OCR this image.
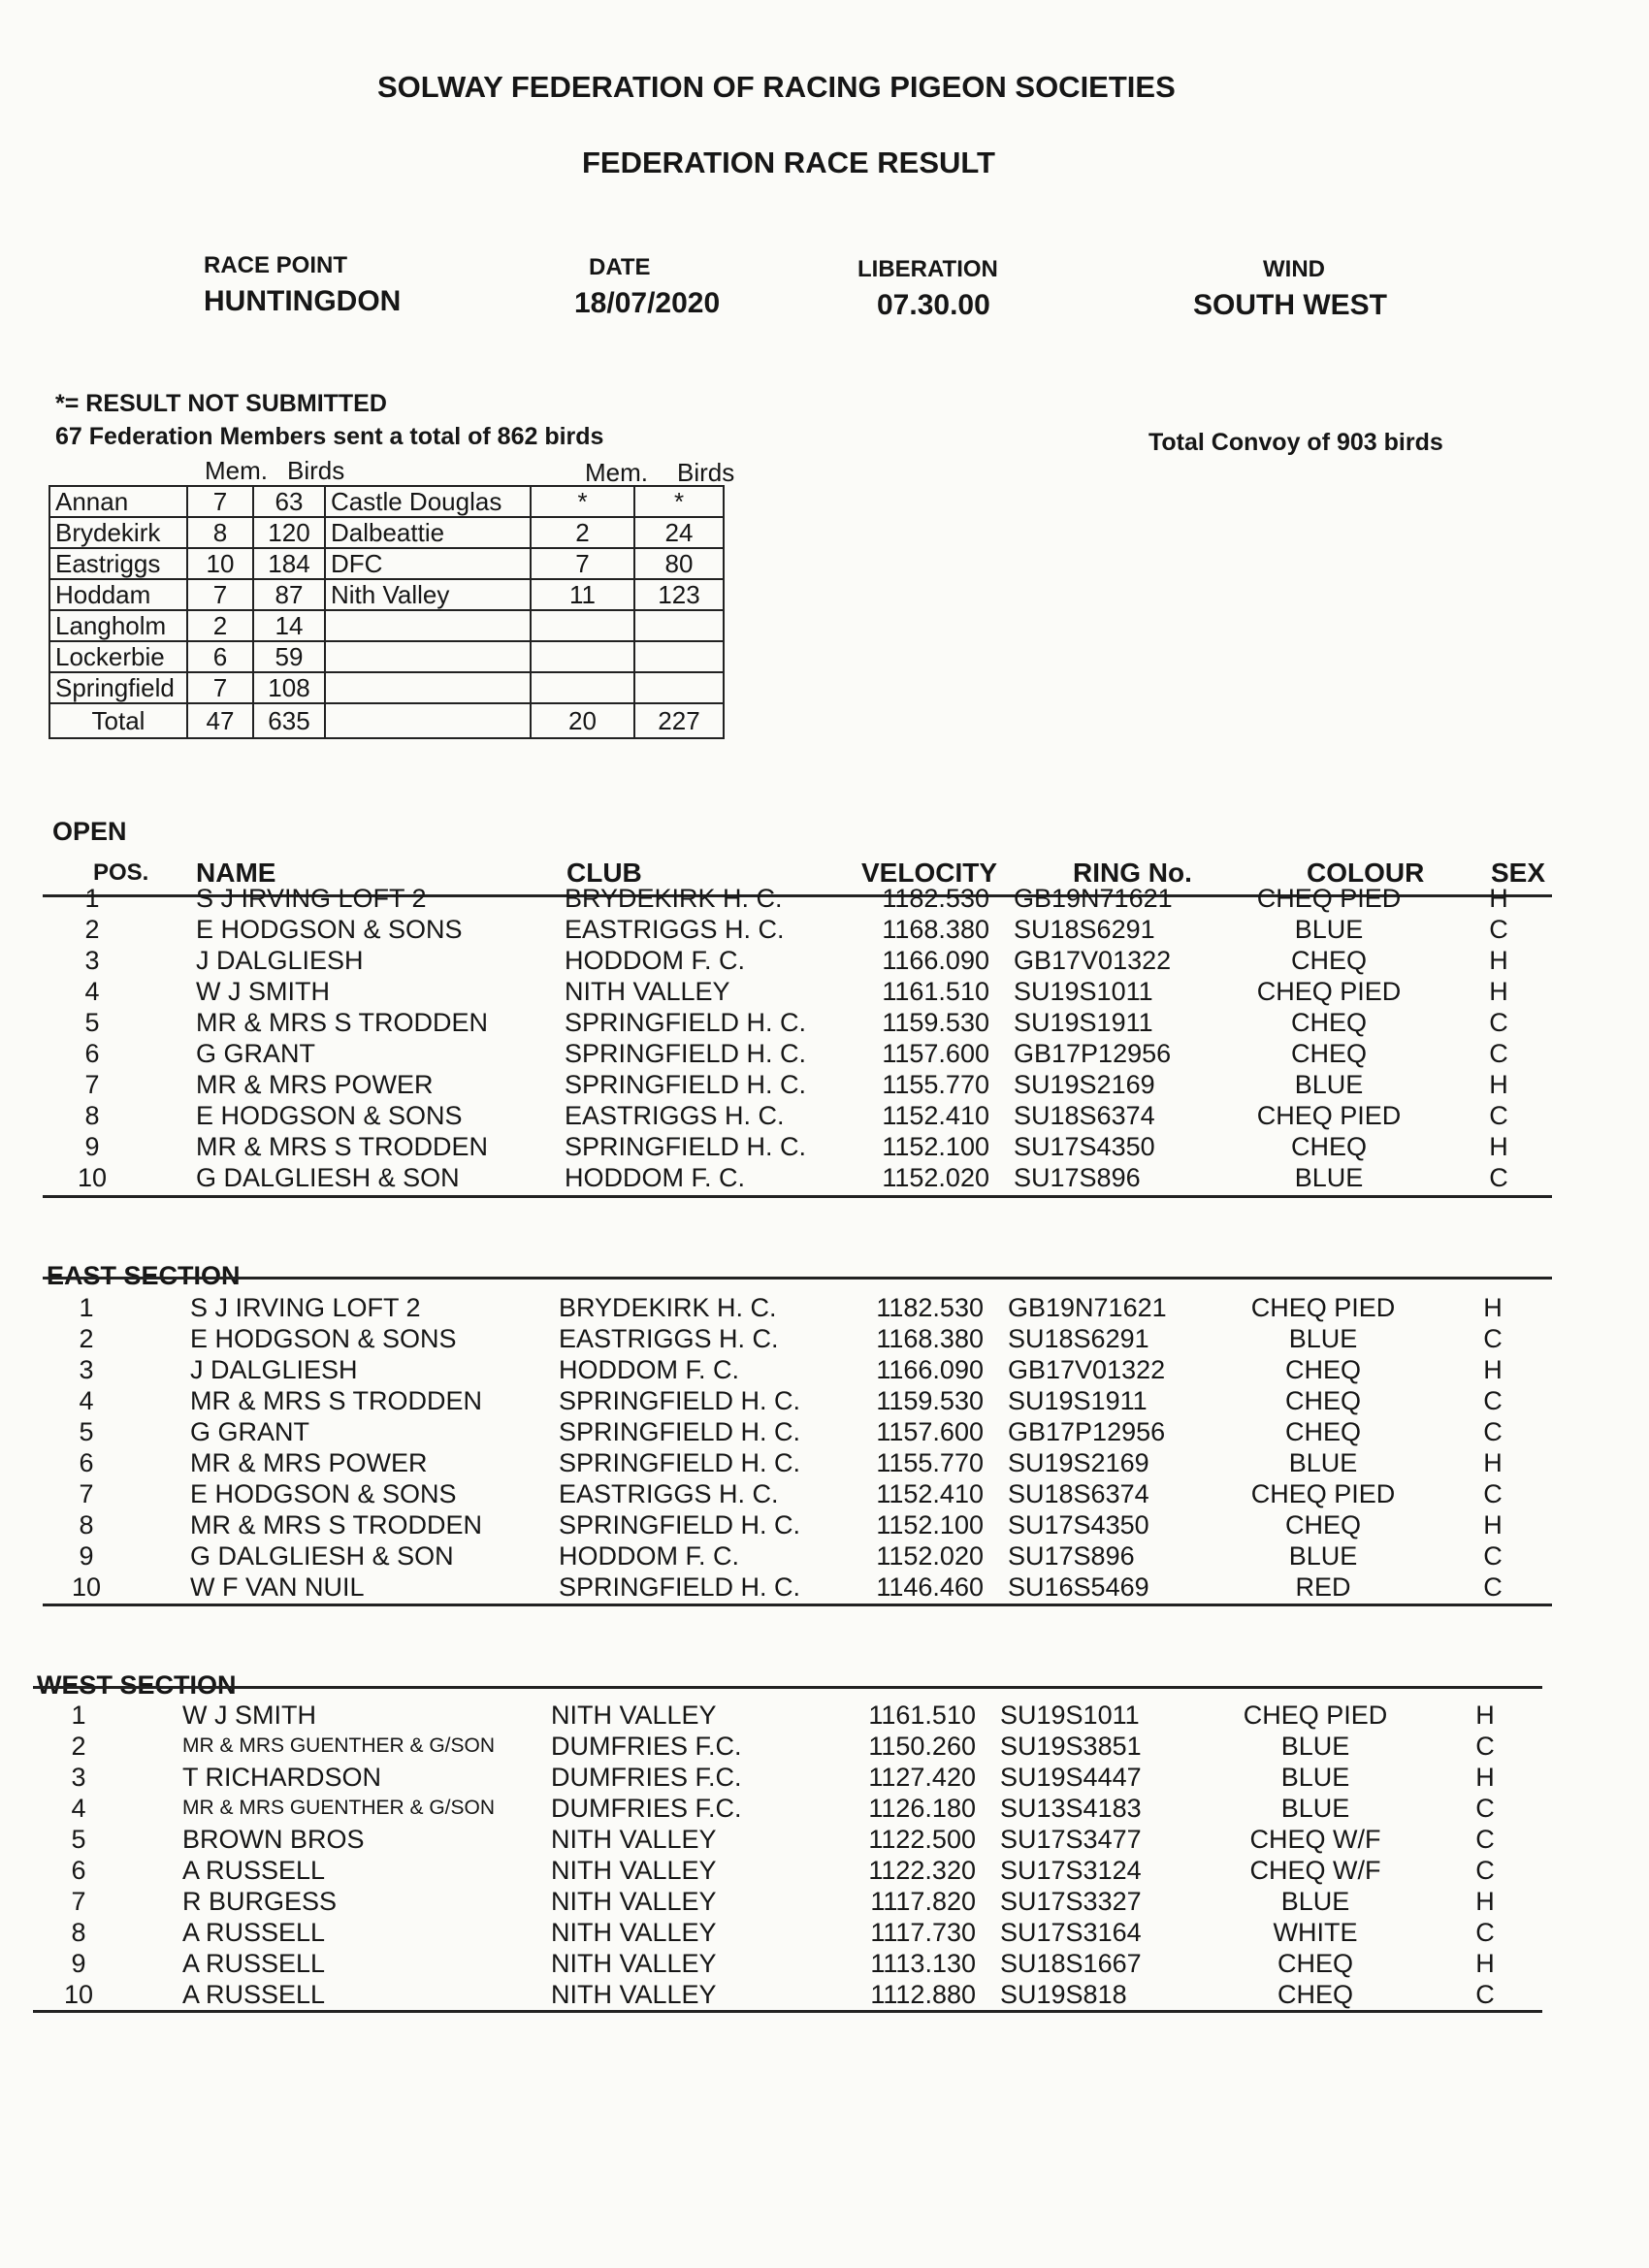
SOLWAY FEDERATION OF RACING PIGEON SOCIETIES
FEDERATION RACE RESULT
RACE POINT
HUNTINGDON
DATE
18/07/2020
LIBERATION
07.30.00
WIND
SOUTH WEST
*= RESULT NOT SUBMITTED
67 Federation Members sent a total of 862 birds	Total Convoy of 903 birds
Mem. Birds	Mem. Birds
Annan	7	63	Castle Douglas	*	*
Brydekirk	8	120	Dalbeattie	2	24
Eastriggs	10	184	DFC	7	80
Hoddam	7	87	Nith Valley	11	123
Langholm	2	14			
Lockerbie	6	59			
Springfield	7	108			
Total	47	635		20	227
OPEN
POS. NAME	CLUB	VELOCITY	RING No.	COLOUR SEX
1	S J IRVING LOFT 2	BRYDEKIRK H. C.	1182.530 GB19N71621	CHEQ PIED	H
2	E HODGSON & SONS	EASTRIGGS H. C.	1168.380 SU18S6291	BLUE	C
3	J DALGLIESH	HODDOM F. C.	1166.090 GB17V01322	CHEQ	H
4	W J SMITH	NITH VALLEY	1161.510 SU19S1011	CHEQ PIED	H
5	MR & MRS S TRODDEN	SPRINGFIELD H. C.	1159.530 SU19S1911	CHEQ	C
6	G GRANT	SPRINGFIELD H. C.	1157.600 GB17P12956	CHEQ	C
7	MR & MRS POWER	SPRINGFIELD H. C.	1155.770 SU19S2169	BLUE	H
8	E HODGSON & SONS	EASTRIGGS H. C.	1152.410 SU18S6374	CHEQ PIED	C
9	MR & MRS S TRODDEN	SPRINGFIELD H. C.	1152.100 SU17S4350	CHEQ	H
10	G DALGLIESH & SON	HODDOM F. C.	1152.020 SU17S896	BLUE	C
EAST SECTION
1	S J IRVING LOFT 2	BRYDEKIRK H. C.	1182.530 GB19N71621	CHEQ PIED	H
2	E HODGSON & SONS	EASTRIGGS H. C.	1168.380 SU18S6291	BLUE	C
3	J DALGLIESH	HODDOM F. C.	1166.090 GB17V01322	CHEQ	H
4	MR & MRS S TRODDEN	SPRINGFIELD H. C.	1159.530 SU19S1911	CHEQ	C
5	G GRANT	SPRINGFIELD H. C.	1157.600 GB17P12956	CHEQ	C
6	MR & MRS POWER	SPRINGFIELD H. C.	1155.770 SU19S2169	BLUE	H
7	E HODGSON & SONS	EASTRIGGS H. C.	1152.410 SU18S6374	CHEQ PIED	C
8	MR & MRS S TRODDEN	SPRINGFIELD H. C.	1152.100 SU17S4350	CHEQ	H
9	G DALGLIESH & SON	HODDOM F. C.	1152.020 SU17S896	BLUE	C
10	W F VAN NUIL	SPRINGFIELD H. C.	1146.460 SU16S5469	RED	C
WEST SECTION
1	W J SMITH	NITH VALLEY	1161.510 SU19S1011	CHEQ PIED	H
2	MR & MRS GUENTHER & G/SON DUMFRIES F.C.	1150.260 SU19S3851	BLUE	C
3	T RICHARDSON	DUMFRIES F.C.	1127.420 SU19S4447	BLUE	H
4	MR & MRS GUENTHER & G/SON DUMFRIES F.C.	1126.180 SU13S4183	BLUE	C
5	BROWN BROS	NITH VALLEY	1122.500 SU17S3477	CHEQ W/F	C
6	A RUSSELL	NITH VALLEY	1122.320 SU17S3124	CHEQ W/F	C
7	R BURGESS	NITH VALLEY	1117.820 SU17S3327	BLUE	H
8	A RUSSELL	NITH VALLEY	1117.730 SU17S3164	WHITE	C
9	A RUSSELL	NITH VALLEY	1113.130 SU18S1667	CHEQ	H
10	A RUSSELL	NITH VALLEY	1112.880 SU19S818	CHEQ	C
